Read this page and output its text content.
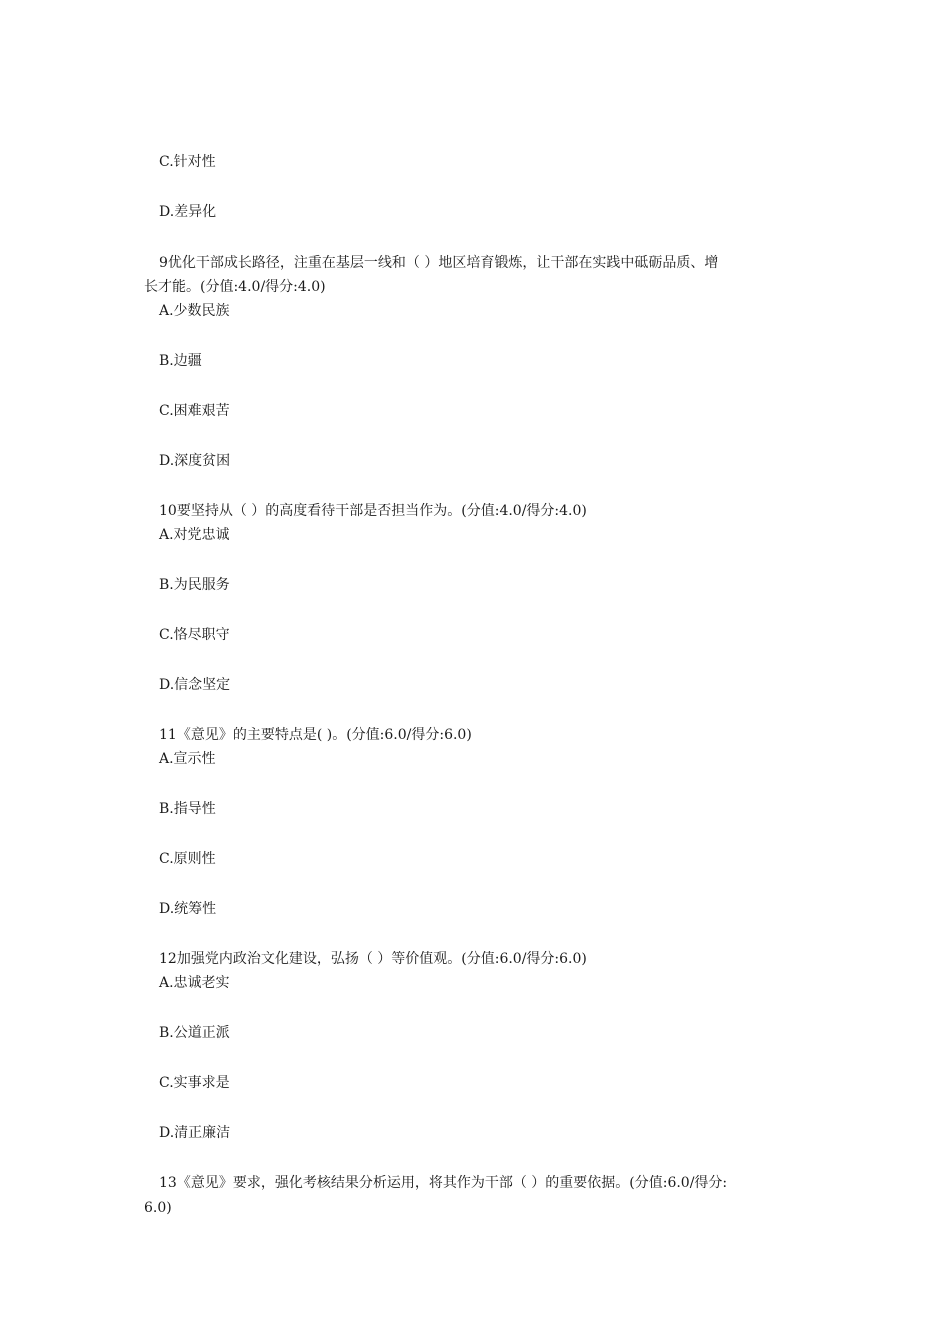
C.针对性
D.差异化
9优化干部成长路径，注重在基层一线和（ ）地区培育锻炼，让干部在实践中砥砺品质、增
长才能。(分值:4.0/得分:4.0)
A.少数民族
B.边疆
C.困难艰苦
D.深度贫困
10要坚持从（ ）的高度看待干部是否担当作为。(分值:4.0/得分:4.0)
A.对党忠诚
B.为民服务
C.恪尽职守
D.信念坚定
11《意见》的主要特点是( )。(分值:6.0/得分:6.0)
A.宣示性
B.指导性
C.原则性
D.统筹性
12加强党内政治文化建设，弘扬（ ）等价值观。(分值:6.0/得分:6.0)
A.忠诚老实
B.公道正派
C.实事求是
D.清正廉洁
13《意见》要求，强化考核结果分析运用，将其作为干部（ ）的重要依据。(分值:6.0/得分:
6.0)
